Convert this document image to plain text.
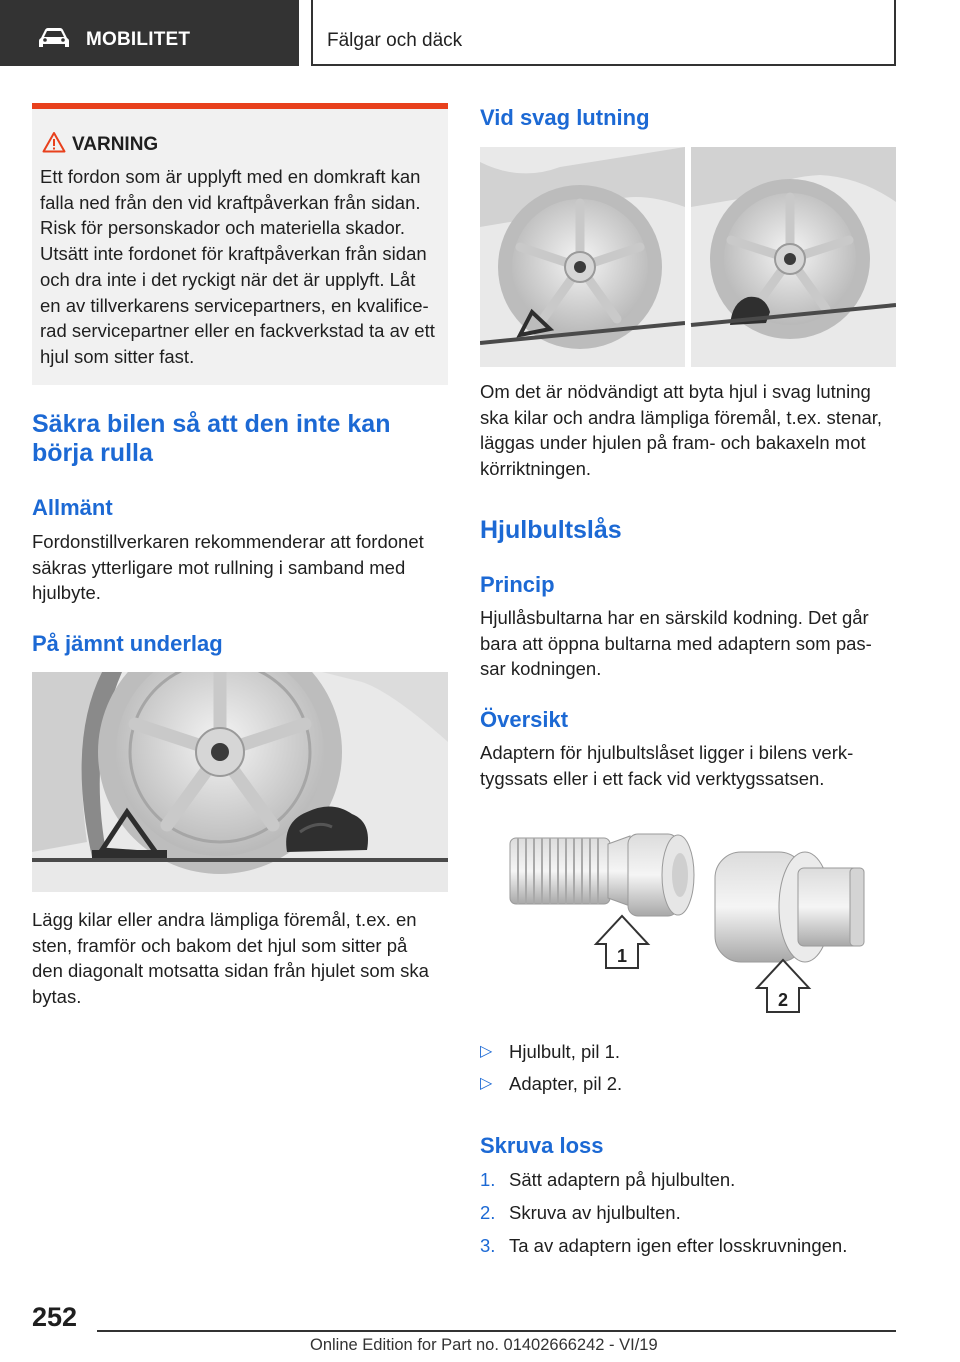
MOBILITET	Fälgar och däck
VARNING
Ett fordon som är upplyft med en domkraft kan
falla ned från den vid kraftpåverkan från sidan.
Risk för personskador och materiella skador.
Utsätt inte fordonet för kraftpåverkan från sidan
och dra inte i det ryckigt när det är upplyft. Låt
en av tillverkarens servicepartners, en kvalifice-
rad servicepartner eller en fackverkstad ta av ett
hjul som sitter fast.
Säkra bilen så att den inte kan
börja rulla
Allmänt
Fordonstillverkaren rekommenderar att fordonet
säkras ytterligare mot rullning i samband med
hjulbyte.
På jämnt underlag
Lägg kilar eller andra lämpliga föremål, t.ex. en
sten, framför och bakom det hjul som sitter på
den diagonalt motsatta sidan från hjulet som ska
bytas.
Vid svag lutning
Om det är nödvändigt att byta hjul i svag lutning
ska kilar och andra lämpliga föremål, t.ex. stenar,
läggas under hjulen på fram- och bakaxeln mot
körriktningen.
Hjulbultslås
Princip
Hjullåsbultarna har en särskild kodning. Det går
bara att öppna bultarna med adaptern som pas-
sar kodningen.
Översikt
Adaptern för hjulbultslåset ligger i bilens verk-
tygssats eller i ett fack vid verktygssatsen.
1
2
▷ Hjulbult, pil 1.
▷ Adapter, pil 2.
Skruva loss
1. Sätt adaptern på hjulbulten.
2. Skruva av hjulbulten.
3. Ta av adaptern igen efter losskruvningen.
252
Online Edition for Part no. 01402666242 - VI/19
